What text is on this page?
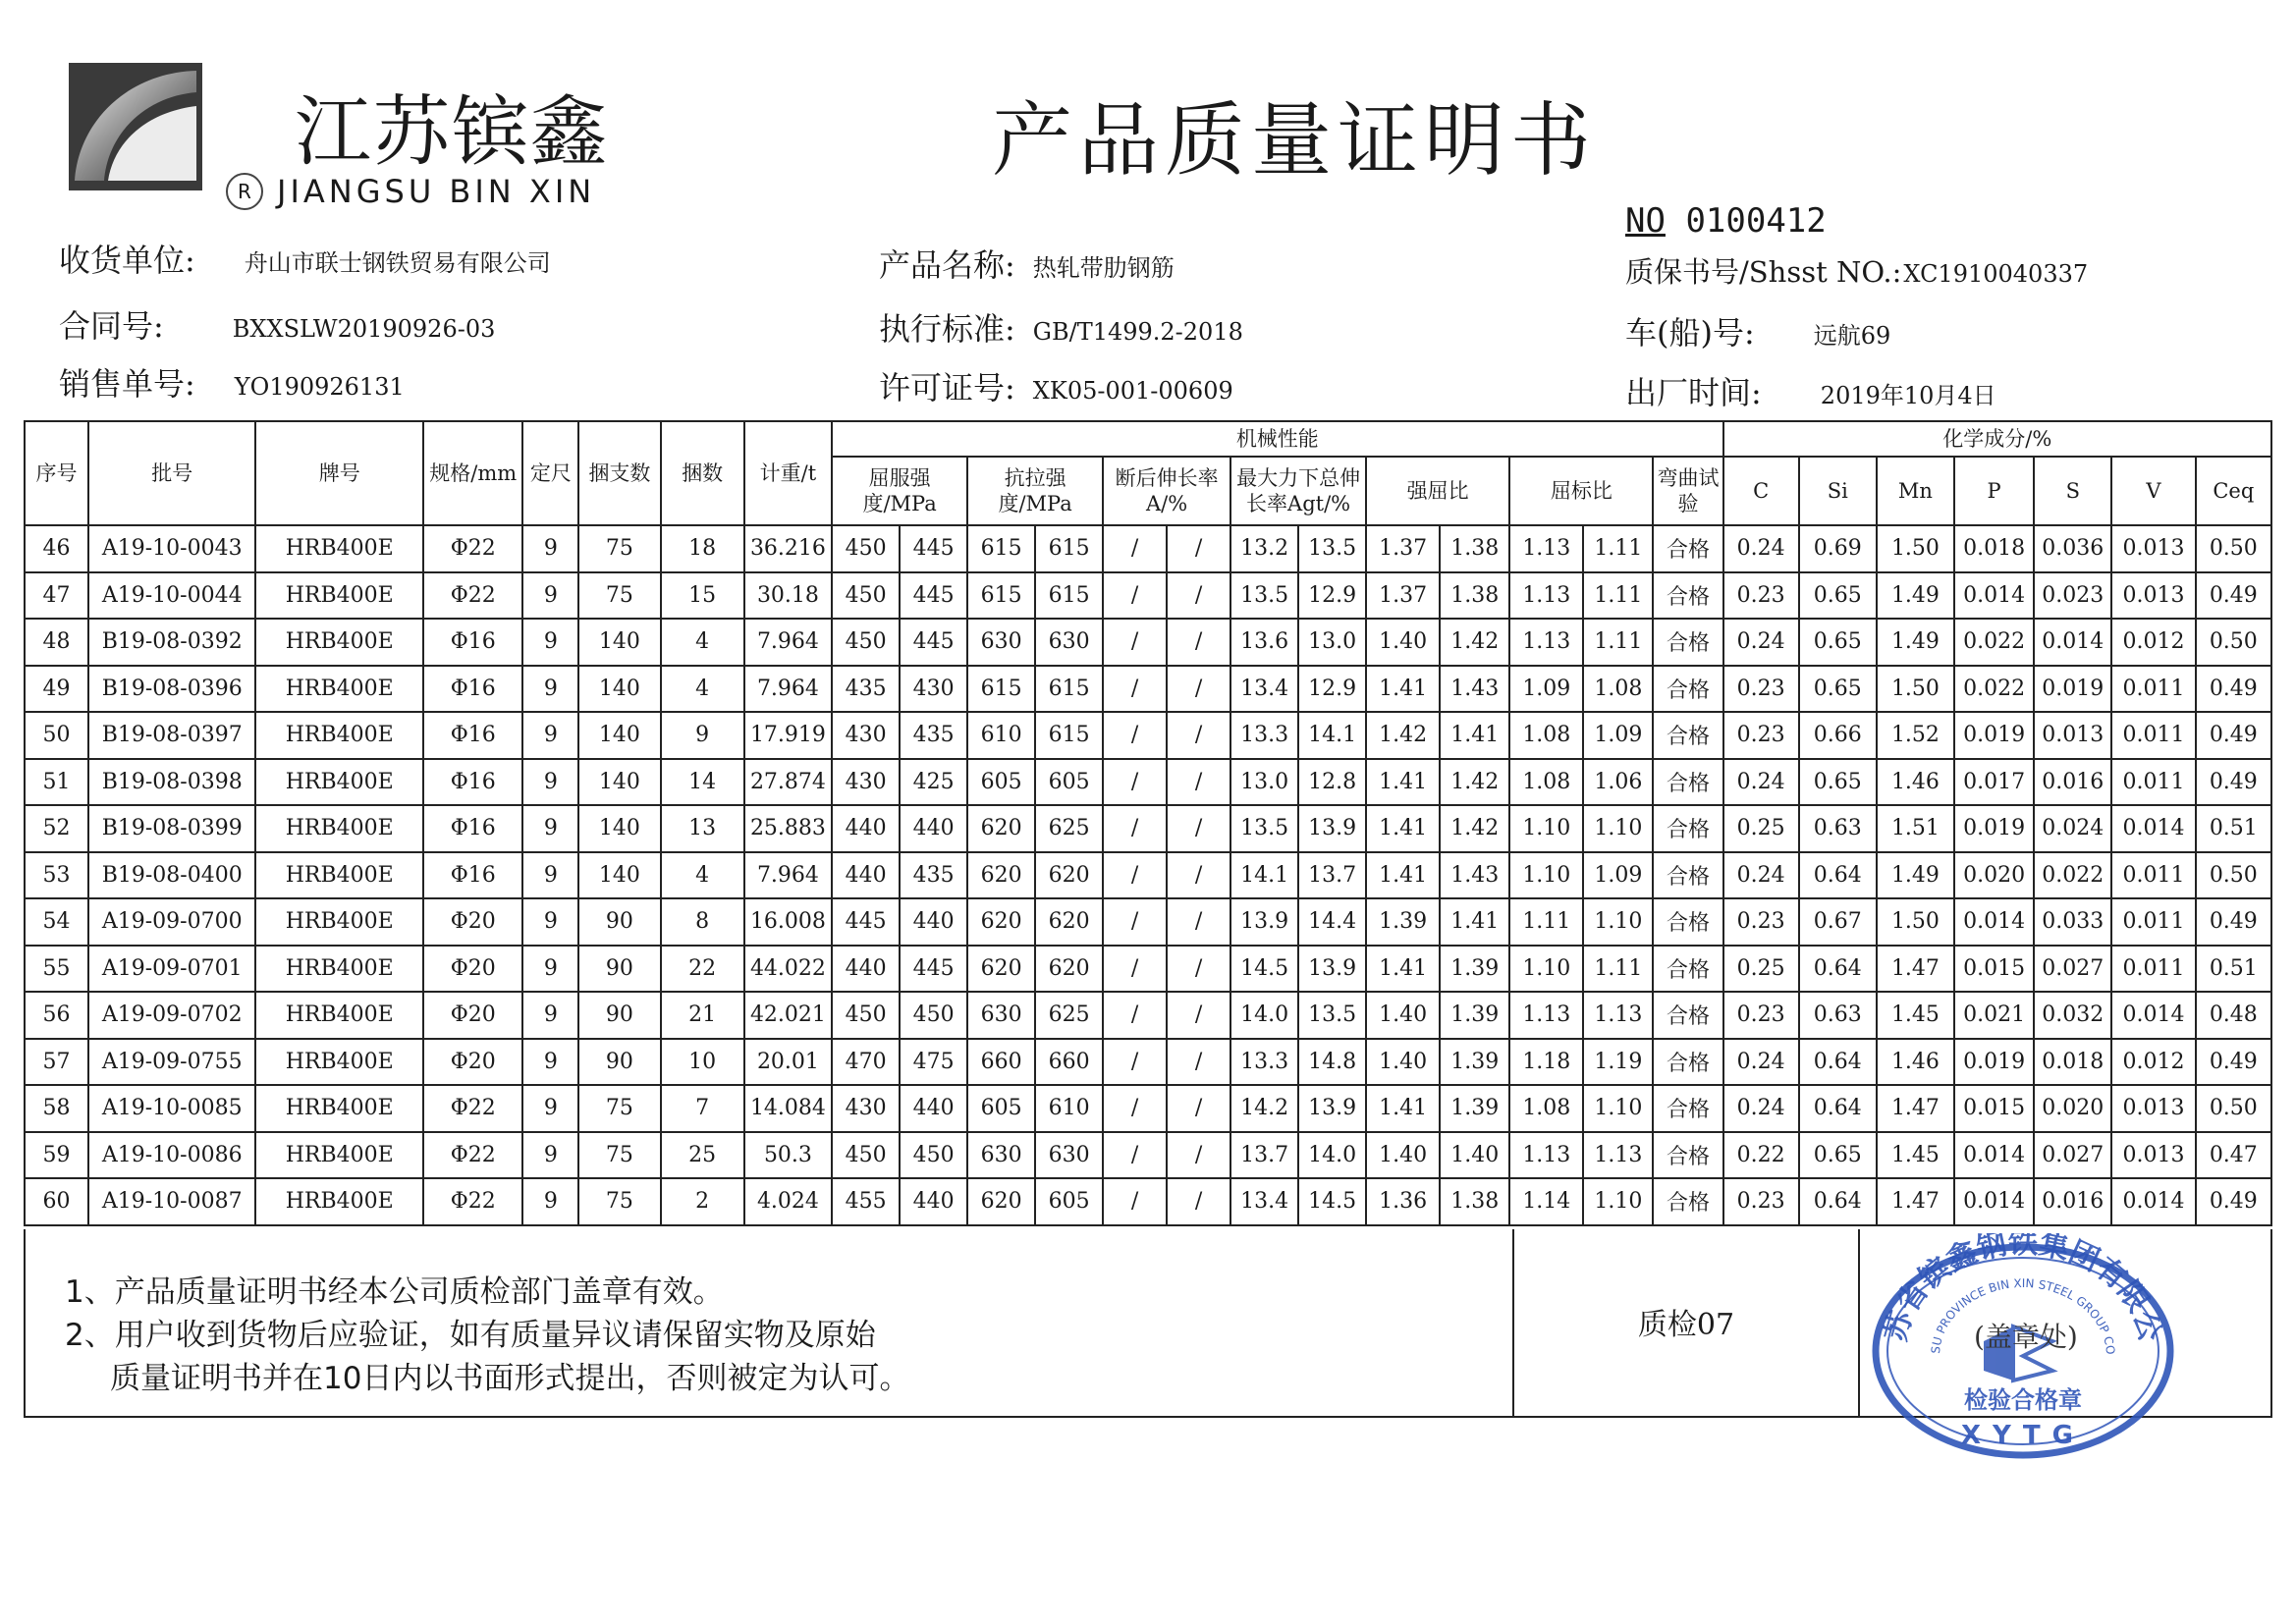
江苏镔鑫
R JIANGSU BIN XIN
产品质量证明书
NO 0100412
收货单位: 舟山市联士钢铁贸易有限公司
合同号:	BXXSLW20190926-03
销售单号: YO190926131
产品名称: 热轧带肋钢筋
执行标准: GB/T1499.2-2018
许可证号: XK05-001-00609
质保书号/Shsst NO.:XC1910040337
车(船)号:	远航69
出厂时间:	2019年10月4日
序号	批号	牌号	规格/mm	定尺	捆支数	捆数	计重/t	机械性能													化学成分/%						
								屈服强度/MPa		抗拉强度/MPa		断后伸长率A/%		最大力下总伸长率Agt/%		强屈比		屈标比		弯曲试验	C	Si	Mn	P	S	V	Ceq
46	A19-10-0043	HRB400E	Φ22	9	75	18	36.216	450	445	615	615	/	/	13.2	13.5	1.37	1.38	1.13	1.11	合格	0.24	0.69	1.50	0.018	0.036	0.013	0.50
47	A19-10-0044	HRB400E	Φ22	9	75	15	30.18	450	445	615	615	/	/	13.5	12.9	1.37	1.38	1.13	1.11	合格	0.23	0.65	1.49	0.014	0.023	0.013	0.49
48	B19-08-0392	HRB400E	Φ16	9	140	4	7.964	450	445	630	630	/	/	13.6	13.0	1.40	1.42	1.13	1.11	合格	0.24	0.65	1.49	0.022	0.014	0.012	0.50
49	B19-08-0396	HRB400E	Φ16	9	140	4	7.964	435	430	615	615	/	/	13.4	12.9	1.41	1.43	1.09	1.08	合格	0.23	0.65	1.50	0.022	0.019	0.011	0.49
50	B19-08-0397	HRB400E	Φ16	9	140	9	17.919	430	435	610	615	/	/	13.3	14.1	1.42	1.41	1.08	1.09	合格	0.23	0.66	1.52	0.019	0.013	0.011	0.49
51	B19-08-0398	HRB400E	Φ16	9	140	14	27.874	430	425	605	605	/	/	13.0	12.8	1.41	1.42	1.08	1.06	合格	0.24	0.65	1.46	0.017	0.016	0.011	0.49
52	B19-08-0399	HRB400E	Φ16	9	140	13	25.883	440	440	620	625	/	/	13.5	13.9	1.41	1.42	1.10	1.10	合格	0.25	0.63	1.51	0.019	0.024	0.014	0.51
53	B19-08-0400	HRB400E	Φ16	9	140	4	7.964	440	435	620	620	/	/	14.1	13.7	1.41	1.43	1.10	1.09	合格	0.24	0.64	1.49	0.020	0.022	0.011	0.50
54	A19-09-0700	HRB400E	Φ20	9	90	8	16.008	445	440	620	620	/	/	13.9	14.4	1.39	1.41	1.11	1.10	合格	0.23	0.67	1.50	0.014	0.033	0.011	0.49
55	A19-09-0701	HRB400E	Φ20	9	90	22	44.022	440	445	620	620	/	/	14.5	13.9	1.41	1.39	1.10	1.11	合格	0.25	0.64	1.47	0.015	0.027	0.011	0.51
56	A19-09-0702	HRB400E	Φ20	9	90	21	42.021	450	450	630	625	/	/	14.0	13.5	1.40	1.39	1.13	1.13	合格	0.23	0.63	1.45	0.021	0.032	0.014	0.48
57	A19-09-0755	HRB400E	Φ20	9	90	10	20.01	470	475	660	660	/	/	13.3	14.8	1.40	1.39	1.18	1.19	合格	0.24	0.64	1.46	0.019	0.018	0.012	0.49
58	A19-10-0085	HRB400E	Φ22	9	75	7	14.084	430	440	605	610	/	/	14.2	13.9	1.41	1.39	1.08	1.10	合格	0.24	0.64	1.47	0.015	0.020	0.013	0.50
59	A19-10-0086	HRB400E	Φ22	9	75	25	50.3	450	450	630	630	/	/	13.7	14.0	1.40	1.40	1.13	1.13	合格	0.22	0.65	1.45	0.014	0.027	0.013	0.47
60	A19-10-0087	HRB400E	Φ22	9	75	2	4.024	455	440	620	605	/	/	13.4	14.5	1.36	1.38	1.14	1.10	合格	0.23	0.64	1.47	0.014	0.016	0.014	0.49
1、产品质量证明书经本公司质检部门盖章有效。
2、用户收到货物后应验证，如有质量异议请保留实物及原始
质量证明书并在10日内以书面形式提出，否则被定为认可。
质检07	苏省镔鑫钢铁集团有限公
SU PROVINCE BIN XIN STEEL GROUP CO
检验合格章
XYTG
(盖章处)
